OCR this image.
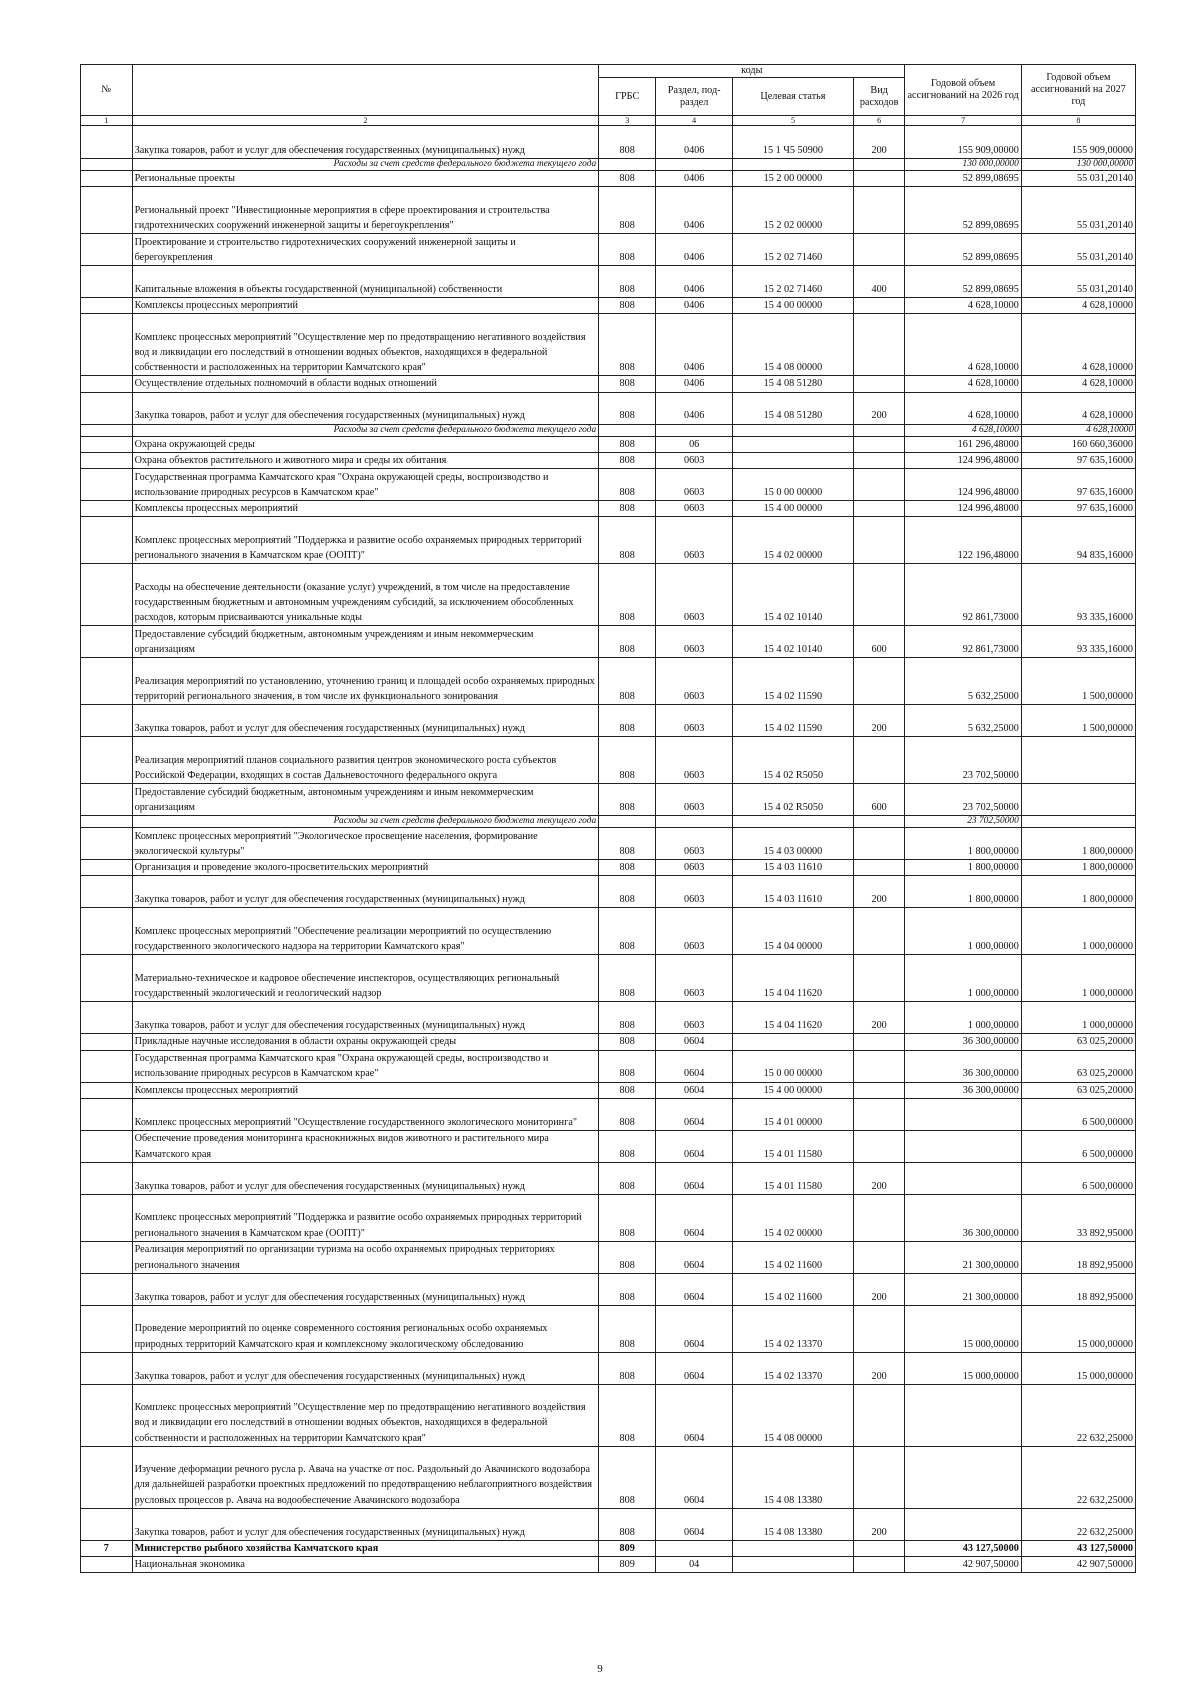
№		коды				Годовой объем ассигнований на 2026 год	Годовой объем ассигнований на 2027 год
		ГРБС	Раздел, под-раздел	Целевая статья	Вид расходов		
1	2	3	4	5	6	7	8
	Закупка товаров, работ и услуг для обеспечения государственных (муниципальных) нужд	808	0406	15 1 Ч5 50900	200	155 909,00000	155 909,00000
	Расходы за счет средств федерального бюджета текущего года					130 000,00000	130 000,00000
	Региональные проекты	808	0406	15 2 00 00000		52 899,08695	55 031,20140
	Региональный проект "Инвестиционные мероприятия в сфере проектирования и строительства гидротехнических сооружений инженерной защиты и берегоукрепления"	808	0406	15 2 02 00000		52 899,08695	55 031,20140
	Проектирование и строительство гидротехнических сооружений инженерной защиты и берегоукрепления	808	0406	15 2 02 71460		52 899,08695	55 031,20140
	Капитальные вложения в объекты государственной (муниципальной) собственности	808	0406	15 2 02 71460	400	52 899,08695	55 031,20140
	Комплексы процессных мероприятий	808	0406	15 4 00 00000		4 628,10000	4 628,10000
	Комплекс процессных мероприятий "Осуществление мер по предотвращению негативного воздействия вод и ликвидации его последствий в отношении водных объектов, находящихся в федеральной собственности и расположенных на территории Камчатского края"	808	0406	15 4 08 00000		4 628,10000	4 628,10000
	Осуществление отдельных полномочий в области водных отношений	808	0406	15 4 08 51280		4 628,10000	4 628,10000
	Закупка товаров, работ и услуг для обеспечения государственных (муниципальных) нужд	808	0406	15 4 08 51280	200	4 628,10000	4 628,10000
	Расходы за счет средств федерального бюджета текущего года					4 628,10000	4 628,10000
	Охрана окружающей среды	808	06			161 296,48000	160 660,36000
	Охрана объектов растительного и животного мира и среды их обитания	808	0603			124 996,48000	97 635,16000
	Государственная программа Камчатского края "Охрана окружающей среды, воспроизводство и использование природных ресурсов в Камчатском крае"	808	0603	15 0 00 00000		124 996,48000	97 635,16000
	Комплексы процессных мероприятий	808	0603	15 4 00 00000		124 996,48000	97 635,16000
	Комплекс процессных мероприятий "Поддержка и развитие особо охраняемых природных территорий регионального значения в Камчатском крае (ООПТ)"	808	0603	15 4 02 00000		122 196,48000	94 835,16000
	Расходы на обеспечение деятельности (оказание услуг) учреждений, в том числе на предоставление государственным бюджетным и автономным учреждениям субсидий, за исключением обособленных расходов, которым присваиваются уникальные коды	808	0603	15 4 02 10140		92 861,73000	93 335,16000
	Предоставление субсидий бюджетным, автономным учреждениям и иным некоммерческим организациям	808	0603	15 4 02 10140	600	92 861,73000	93 335,16000
	Реализация мероприятий по установлению, уточнению границ и площадей особо охраняемых природных территорий регионального значения, в том числе их функционального зонирования	808	0603	15 4 02 11590		5 632,25000	1 500,00000
	Закупка товаров, работ и услуг для обеспечения государственных (муниципальных) нужд	808	0603	15 4 02 11590	200	5 632,25000	1 500,00000
	Реализация мероприятий планов социального развития центров экономического роста субъектов Российской Федерации, входящих в состав Дальневосточного федерального округа	808	0603	15 4 02 R5050		23 702,50000	
	Предоставление субсидий бюджетным, автономным учреждениям и иным некоммерческим организациям	808	0603	15 4 02 R5050	600	23 702,50000	
	Расходы за счет средств федерального бюджета текущего года					23 702,50000	
	Комплекс процессных мероприятий "Экологическое просвещение населения, формирование экологической культуры"	808	0603	15 4 03 00000		1 800,00000	1 800,00000
	Организация и проведение эколого-просветительских мероприятий	808	0603	15 4 03 11610		1 800,00000	1 800,00000
	Закупка товаров, работ и услуг для обеспечения государственных (муниципальных) нужд	808	0603	15 4 03 11610	200	1 800,00000	1 800,00000
	Комплекс процессных мероприятий "Обеспечение реализации мероприятий по осуществлению государственного экологического надзора на территории Камчатского края"	808	0603	15 4 04 00000		1 000,00000	1 000,00000
	Материально-техническое и кадровое обеспечение инспекторов, осуществляющих региональный государственный экологический и геологический надзор	808	0603	15 4 04 11620		1 000,00000	1 000,00000
	Закупка товаров, работ и услуг для обеспечения государственных (муниципальных) нужд	808	0603	15 4 04 11620	200	1 000,00000	1 000,00000
	Прикладные научные исследования в области охраны окружающей среды	808	0604			36 300,00000	63 025,20000
	Государственная программа Камчатского края "Охрана окружающей среды, воспроизводство и использование природных ресурсов в Камчатском крае"	808	0604	15 0 00 00000		36 300,00000	63 025,20000
	Комплексы процессных мероприятий	808	0604	15 4 00 00000		36 300,00000	63 025,20000
	Комплекс процессных мероприятий "Осуществление государственного экологического мониторинга"	808	0604	15 4 01 00000			6 500,00000
	Обеспечение проведения мониторинга краснокнижных видов животного и растительного мира Камчатского края	808	0604	15 4 01 11580			6 500,00000
	Закупка товаров, работ и услуг для обеспечения государственных (муниципальных) нужд	808	0604	15 4 01 11580	200		6 500,00000
	Комплекс процессных мероприятий "Поддержка и развитие особо охраняемых природных территорий регионального значения в Камчатском крае (ООПТ)"	808	0604	15 4 02 00000		36 300,00000	33 892,95000
	Реализация мероприятий по организации туризма на особо охраняемых природных территориях регионального значения	808	0604	15 4 02 11600		21 300,00000	18 892,95000
	Закупка товаров, работ и услуг для обеспечения государственных (муниципальных) нужд	808	0604	15 4 02 11600	200	21 300,00000	18 892,95000
	Проведение мероприятий по оценке современного состояния региональных особо охраняемых природных территорий Камчатского края и комплексному экологическому обследованию	808	0604	15 4 02 13370		15 000,00000	15 000,00000
	Закупка товаров, работ и услуг для обеспечения государственных (муниципальных) нужд	808	0604	15 4 02 13370	200	15 000,00000	15 000,00000
	Комплекс процессных мероприятий "Осуществление мер по предотвращению негативного воздействия вод и ликвидации его последствий в отношении водных объектов, находящихся в федеральной собственности и расположенных на территории Камчатского края"	808	0604	15 4 08 00000			22 632,25000
	Изучение деформации речного русла р. Авача на участке от пос. Раздольный до Авачинского водозабора для дальнейшей разработки проектных предложений по предотвращению неблагоприятного воздействия русловых процессов р. Авача на водообеспечение Авачинского водозабора	808	0604	15 4 08 13380			22 632,25000
	Закупка товаров, работ и услуг для обеспечения государственных (муниципальных) нужд	808	0604	15 4 08 13380	200		22 632,25000
7	Министерство рыбного хозяйства Камчатского края	809				43 127,50000	43 127,50000
	Национальная экономика	809	04			42 907,50000	42 907,50000
9
